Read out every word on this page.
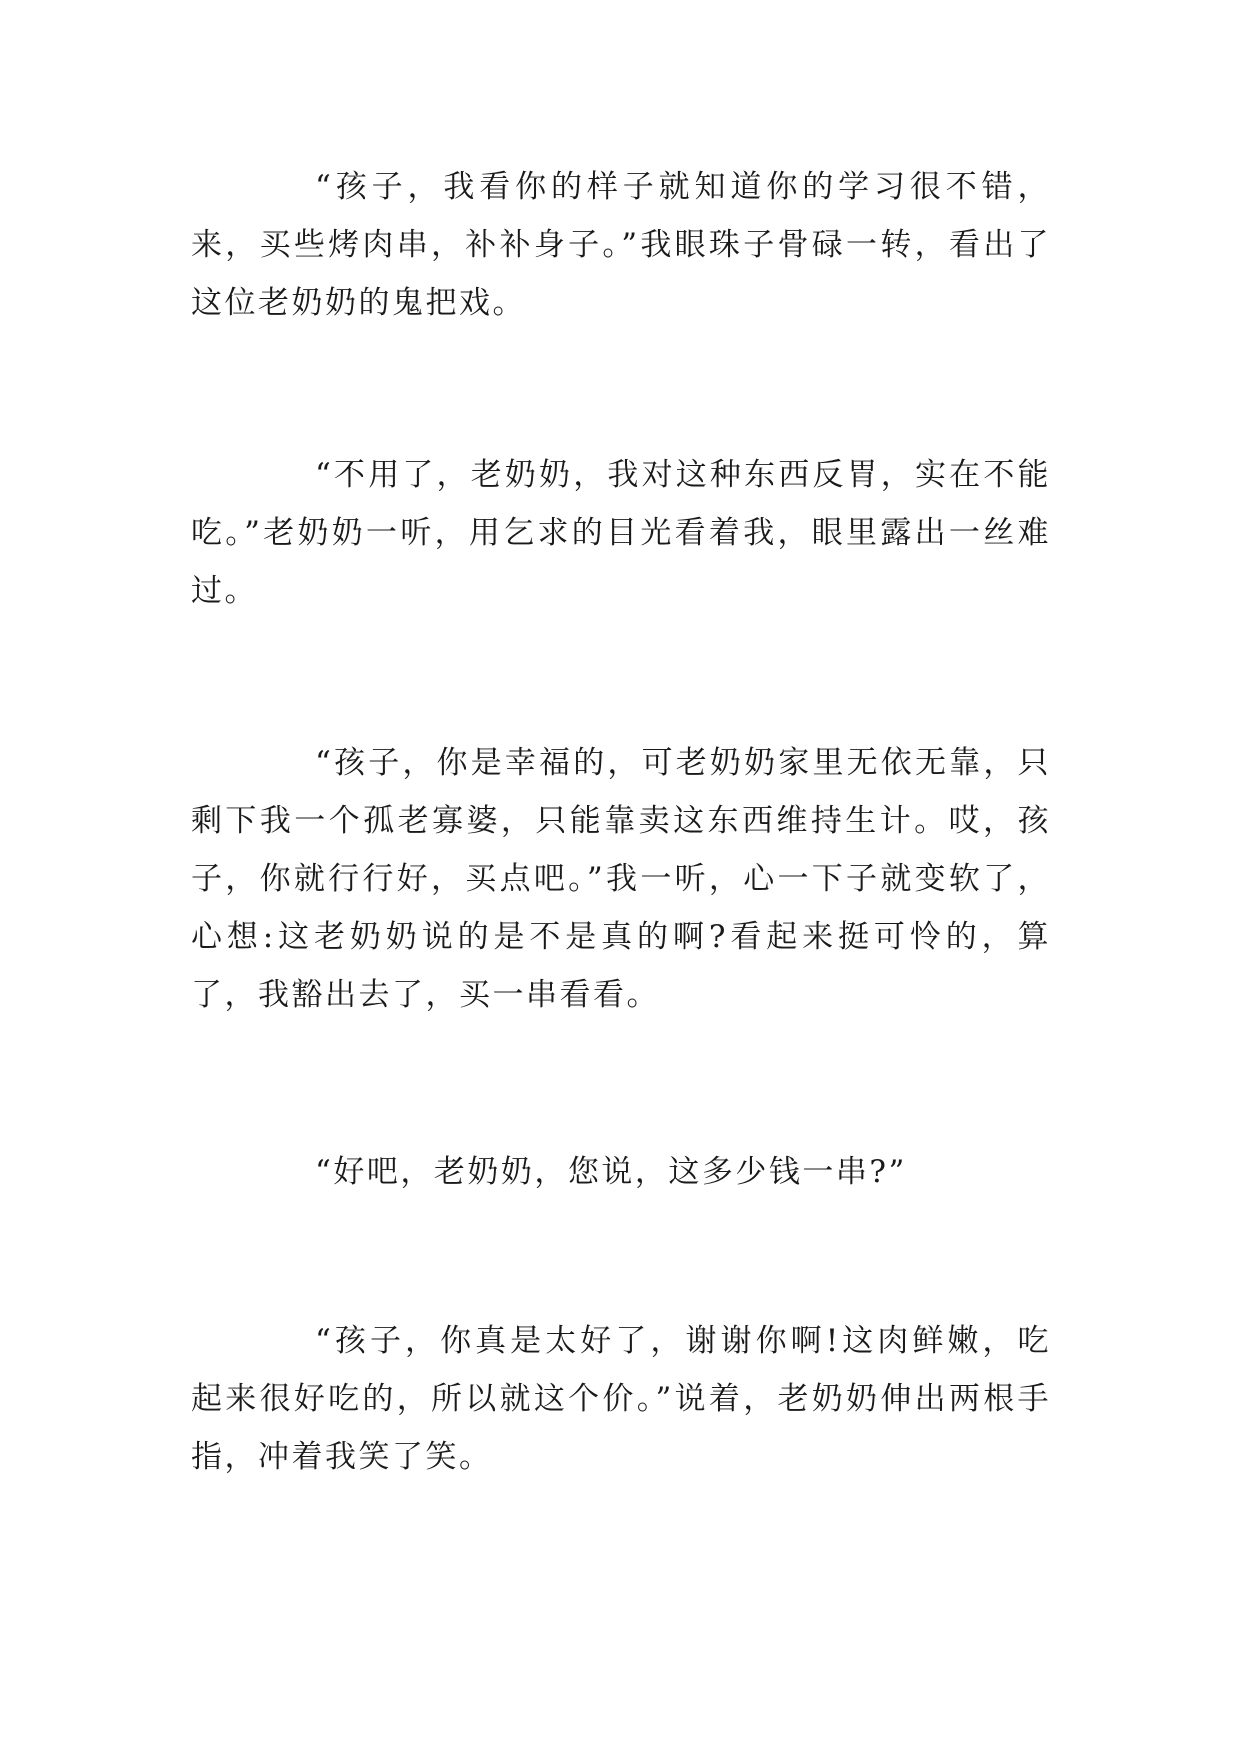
“孩子，我看你的样子就知道你的学习很不错，来，买些烤肉串，补补身子。”我眼珠子骨碌一转，看出了这位老奶奶的鬼把戏。

“不用了，老奶奶，我对这种东西反胃，实在不能吃。”老奶奶一听，用乞求的目光看着我，眼里露出一丝难过。

“孩子，你是幸福的，可老奶奶家里无依无靠，只剩下我一个孤老寡婆，只能靠卖这东西维持生计。哎，孩子，你就行行好，买点吧。”我一听，心一下子就变软了，心想:这老奶奶说的是不是真的啊?看起来挺可怜的，算了，我豁出去了，买一串看看。

“好吧，老奶奶，您说，这多少钱一串?”

“孩子，你真是太好了，谢谢你啊!这肉鲜嫩，吃起来很好吃的，所以就这个价。”说着，老奶奶伸出两根手指，冲着我笑了笑。
